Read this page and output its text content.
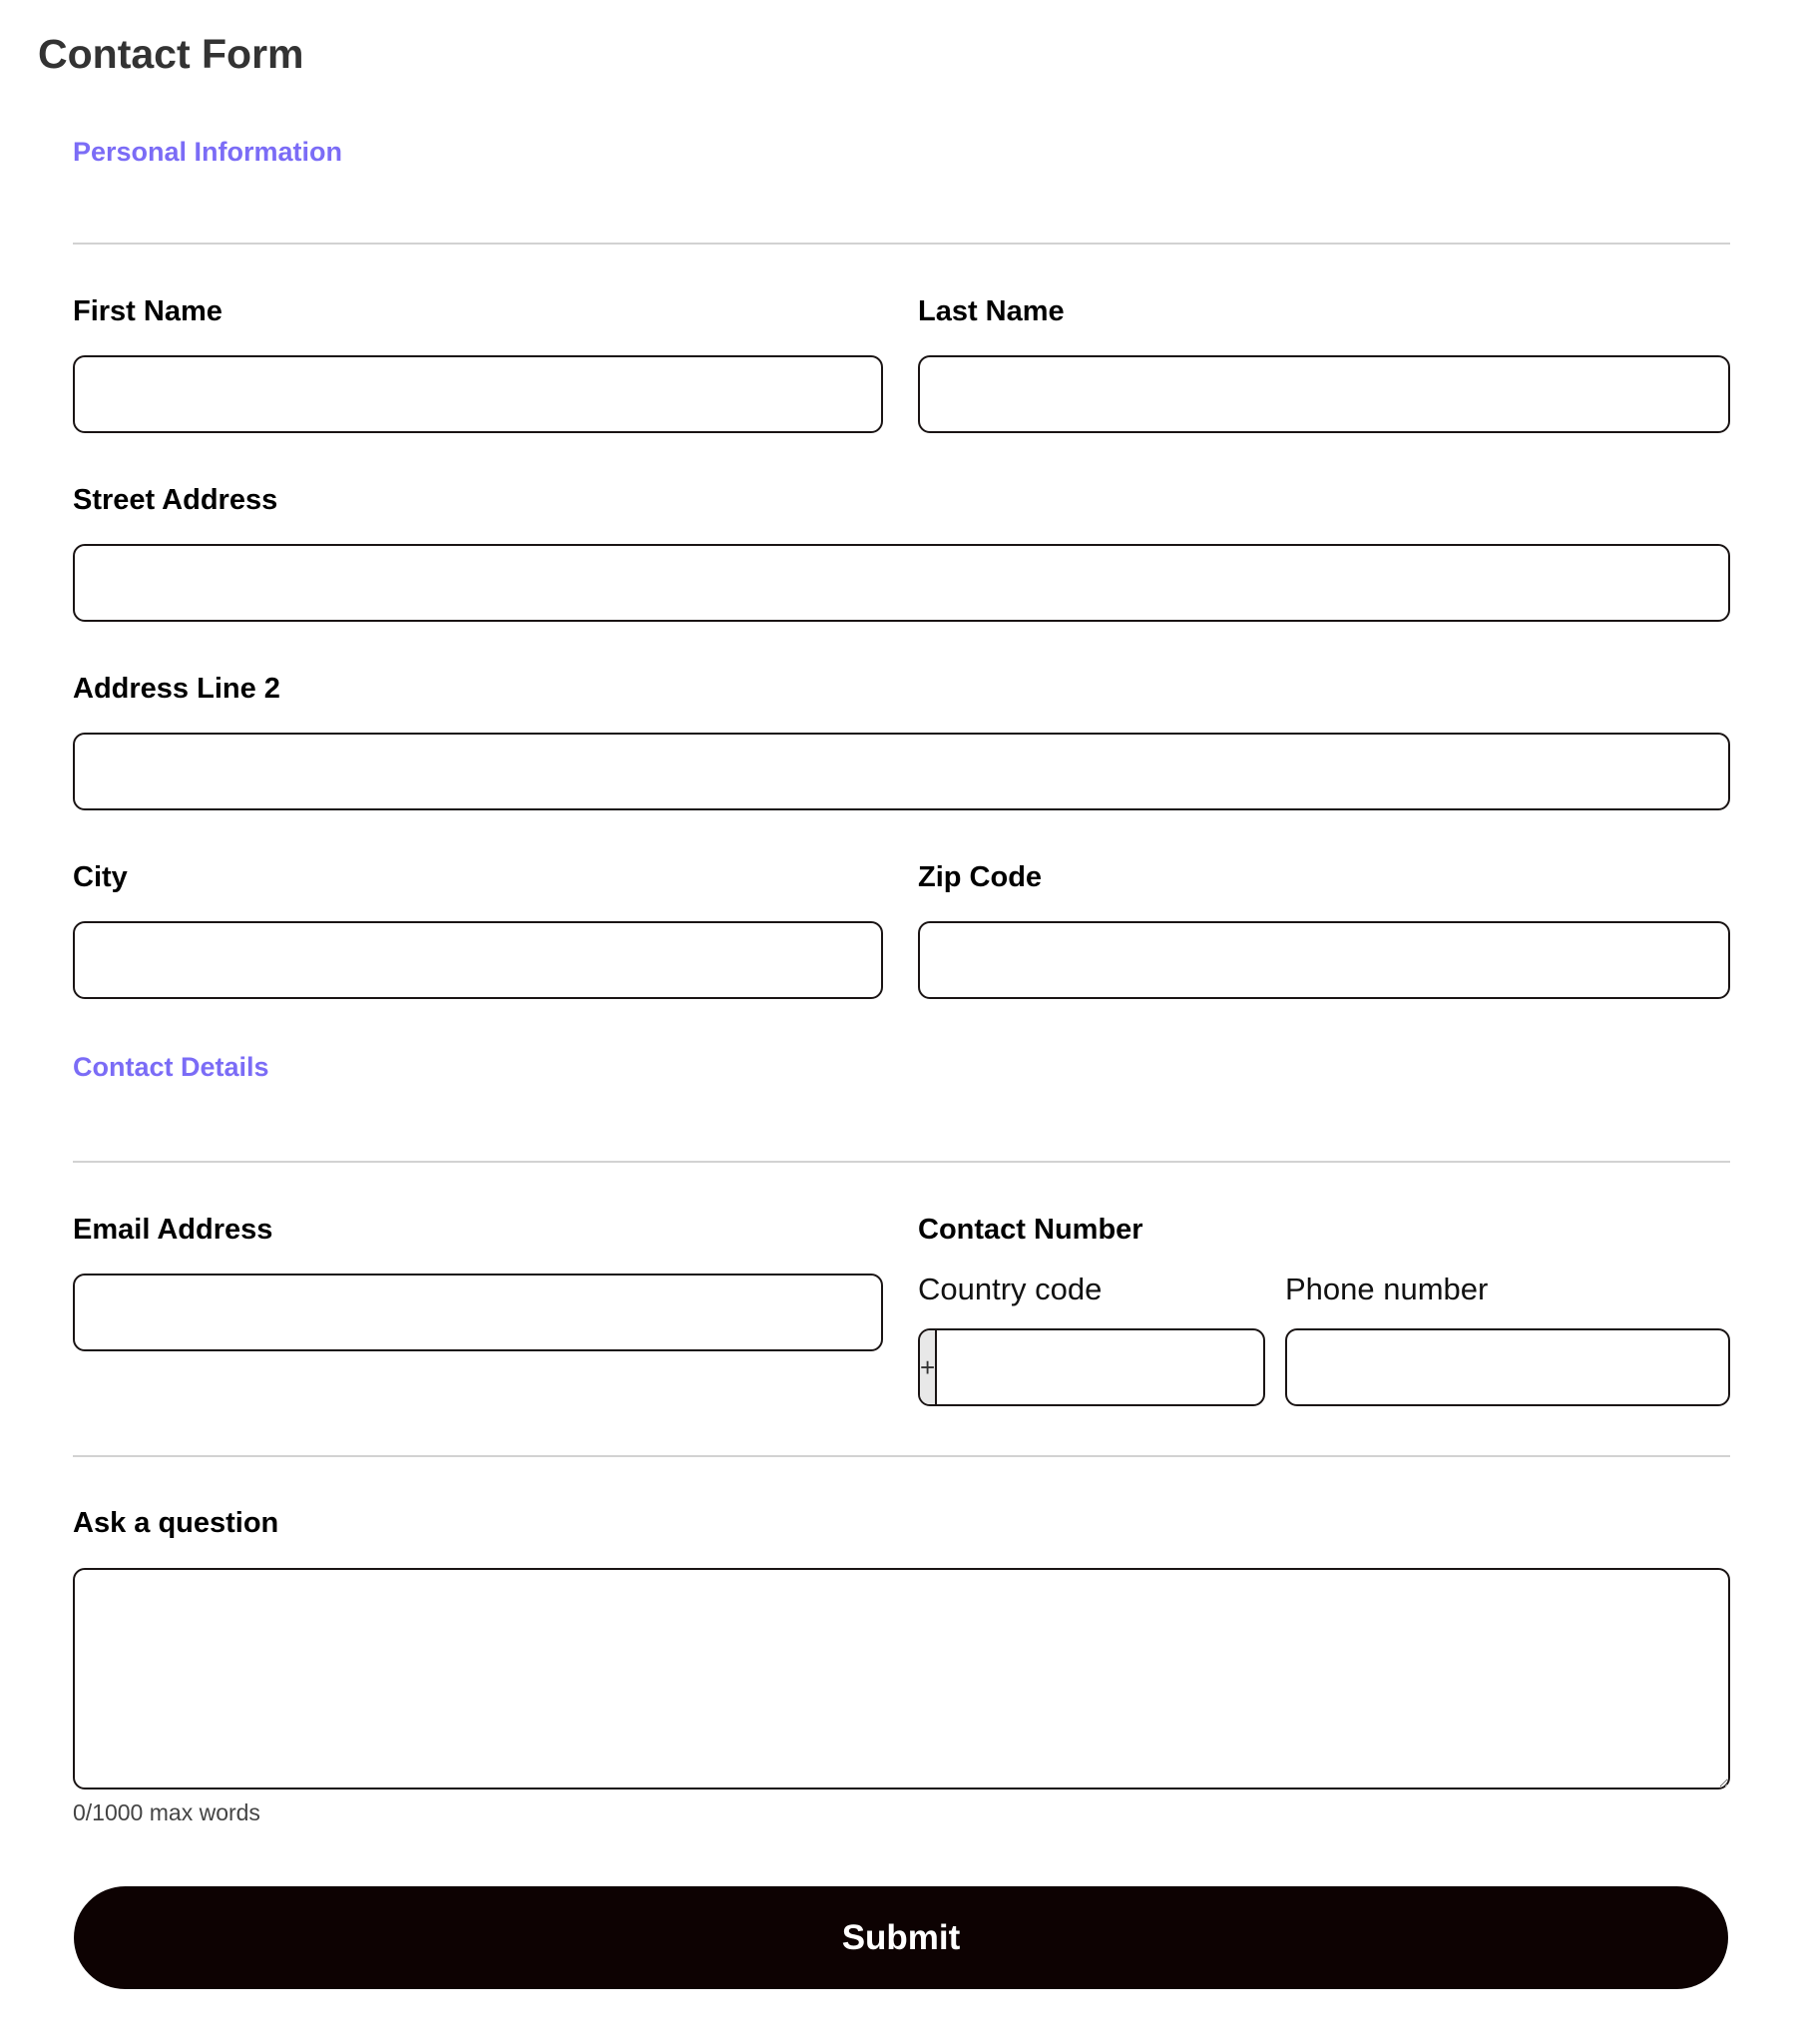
Contact Form
Personal Information
First Name	Last Name
Street Address
Address Line 2
City	Zip Code
Contact Details
Email Address	Contact Number
Country code	Phone number
+
Ask a question
0/1000 max words
Submit
